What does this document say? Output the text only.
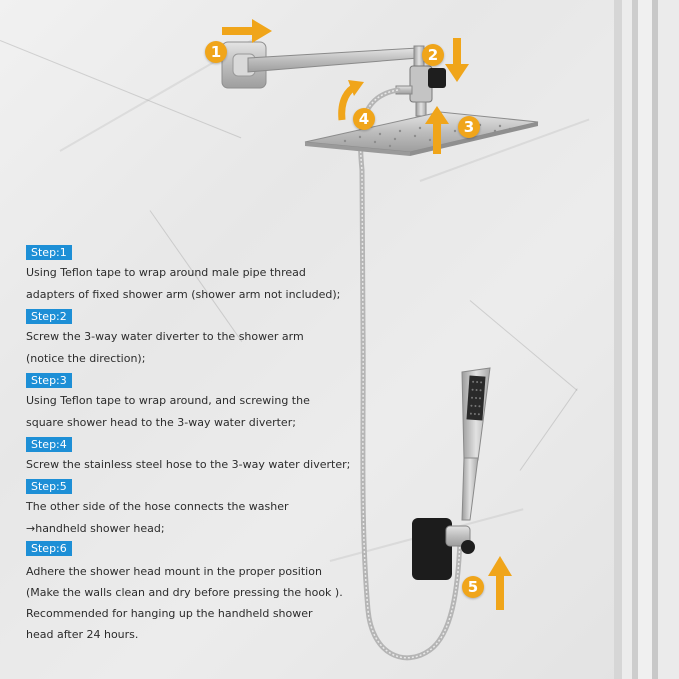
1	2
3
4
5
Step:1
Using Teflon tape to wrap around male pipe thread
adapters of fixed shower arm (shower arm not included);
Step:2
Screw the 3-way water diverter to the shower arm
(notice the direction);
Step:3
Using Teflon tape to wrap around, and screwing the
square shower head to the 3-way water diverter;
Step:4
Screw the stainless steel hose to the 3-way water diverter;
Step:5
The other side of the hose connects the washer
→handheld shower head;
Step:6
Adhere the shower head mount in the proper position
(Make the walls clean and dry before pressing the hook ).
Recommended for hanging up the handheld shower
head after 24 hours.
